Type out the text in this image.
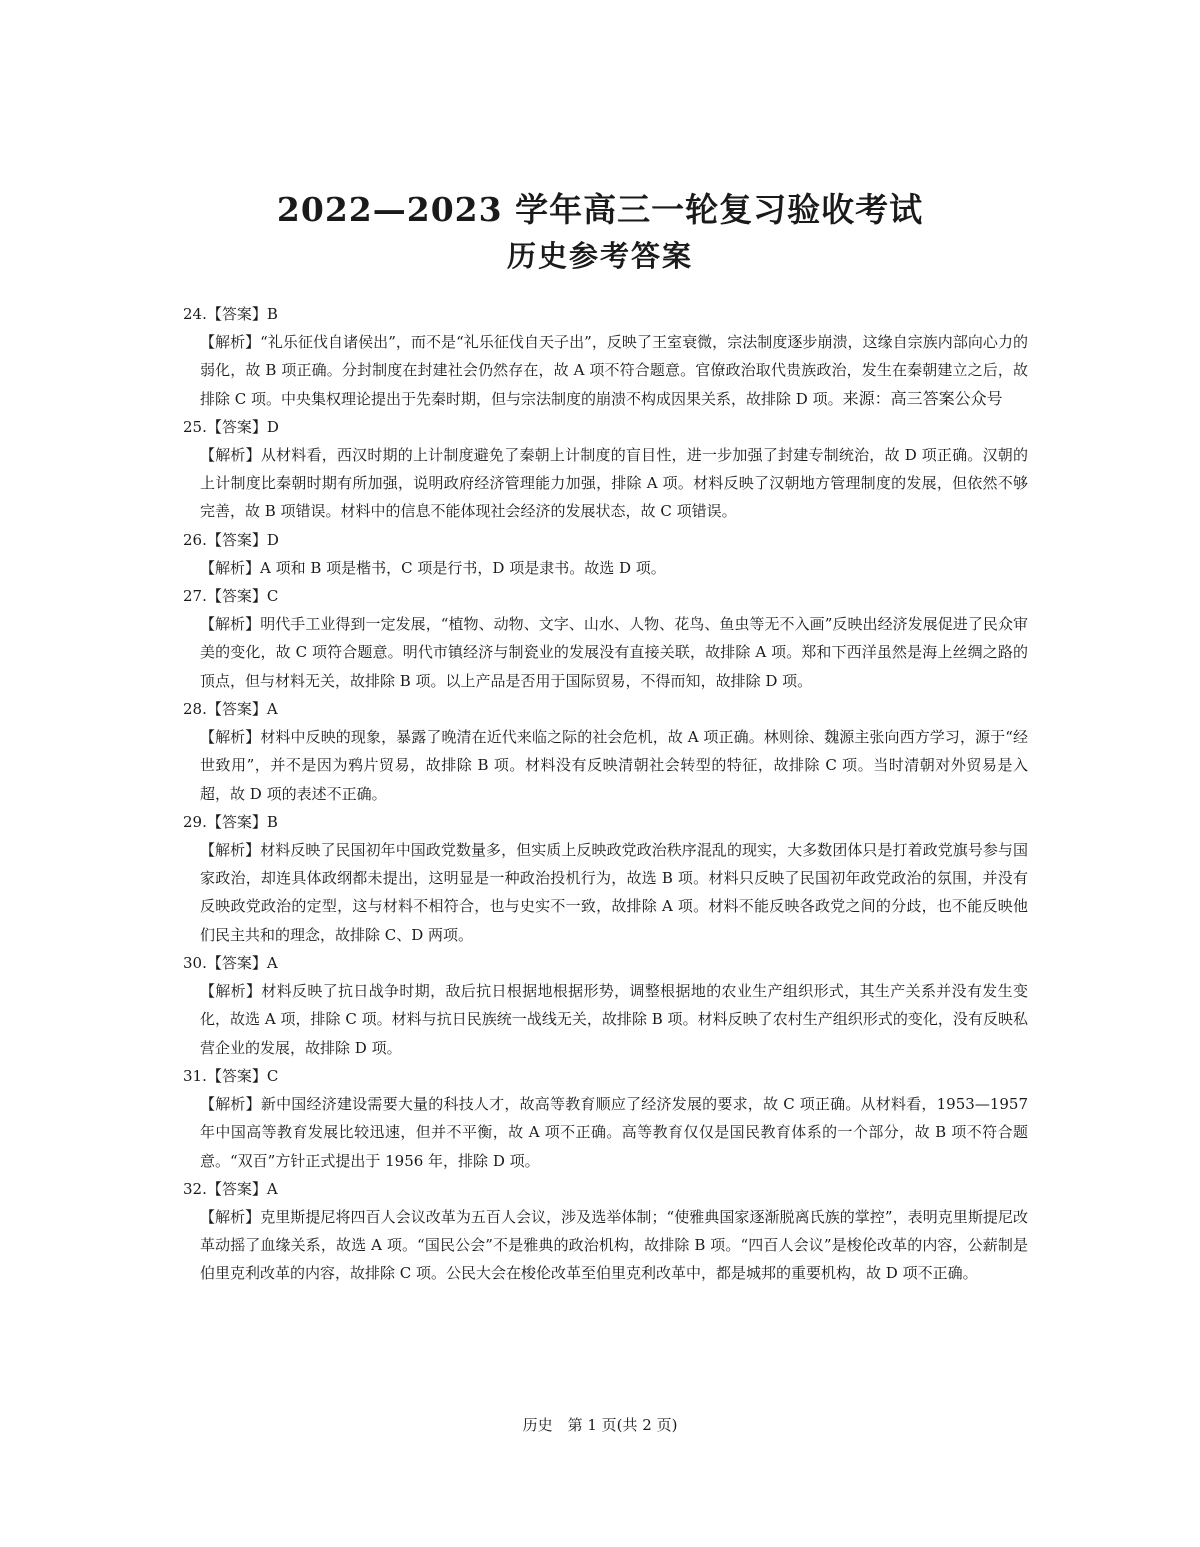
2022—2023 学年高三一轮复习验收考试
历史参考答案
24.【答案】B
【解析】“礼乐征伐自诸侯出”，而不是“礼乐征伐自天子出”，反映了王室衰微，宗法制度逐步崩溃，这缘自宗族内部向心力的弱化，故 B 项正确。分封制度在封建社会仍然存在，故 A 项不符合题意。官僚政治取代贵族政治，发生在秦朝建立之后，故排除 C 项。中央集权理论提出于先秦时期，但与宗法制度的崩溃不构成因果关系，故排除 D 项。来源：高三答案公众号
25.【答案】D
【解析】从材料看，西汉时期的上计制度避免了秦朝上计制度的盲目性，进一步加强了封建专制统治，故 D 项正确。汉朝的上计制度比秦朝时期有所加强，说明政府经济管理能力加强，排除 A 项。材料反映了汉朝地方管理制度的发展，但依然不够完善，故 B 项错误。材料中的信息不能体现社会经济的发展状态，故 C 项错误。
26.【答案】D
【解析】A 项和 B 项是楷书，C 项是行书，D 项是隶书。故选 D 项。
27.【答案】C
【解析】明代手工业得到一定发展，“植物、动物、文字、山水、人物、花鸟、鱼虫等无不入画”反映出经济发展促进了民众审美的变化，故 C 项符合题意。明代市镇经济与制瓷业的发展没有直接关联，故排除 A 项。郑和下西洋虽然是海上丝绸之路的顶点，但与材料无关，故排除 B 项。以上产品是否用于国际贸易，不得而知，故排除 D 项。
28.【答案】A
【解析】材料中反映的现象，暴露了晚清在近代来临之际的社会危机，故 A 项正确。林则徐、魏源主张向西方学习，源于“经世致用”，并不是因为鸦片贸易，故排除 B 项。材料没有反映清朝社会转型的特征，故排除 C 项。当时清朝对外贸易是入超，故 D 项的表述不正确。
29.【答案】B
【解析】材料反映了民国初年中国政党数量多，但实质上反映政党政治秩序混乱的现实，大多数团体只是打着政党旗号参与国家政治，却连具体政纲都未提出，这明显是一种政治投机行为，故选 B 项。材料只反映了民国初年政党政治的氛围，并没有反映政党政治的定型，这与材料不相符合，也与史实不一致，故排除 A 项。材料不能反映各政党之间的分歧，也不能反映他们民主共和的理念，故排除 C、D 两项。
30.【答案】A
【解析】材料反映了抗日战争时期，敌后抗日根据地根据形势，调整根据地的农业生产组织形式，其生产关系并没有发生变化，故选 A 项，排除 C 项。材料与抗日民族统一战线无关，故排除 B 项。材料反映了农村生产组织形式的变化，没有反映私营企业的发展，故排除 D 项。
31.【答案】C
【解析】新中国经济建设需要大量的科技人才，故高等教育顺应了经济发展的要求，故 C 项正确。从材料看，1953—1957 年中国高等教育发展比较迅速，但并不平衡，故 A 项不正确。高等教育仅仅是国民教育体系的一个部分，故 B 项不符合题意。“双百”方针正式提出于 1956 年，排除 D 项。
32.【答案】A
【解析】克里斯提尼将四百人会议改革为五百人会议，涉及选举体制；“使雅典国家逐渐脱离氏族的掌控”，表明克里斯提尼改革动摇了血缘关系，故选 A 项。“国民公会”不是雅典的政治机构，故排除 B 项。“四百人会议”是梭伦改革的内容，公薪制是伯里克利改革的内容，故排除 C 项。公民大会在梭伦改革至伯里克利改革中，都是城邦的重要机构，故 D 项不正确。
历史　第 1 页(共 2 页)
